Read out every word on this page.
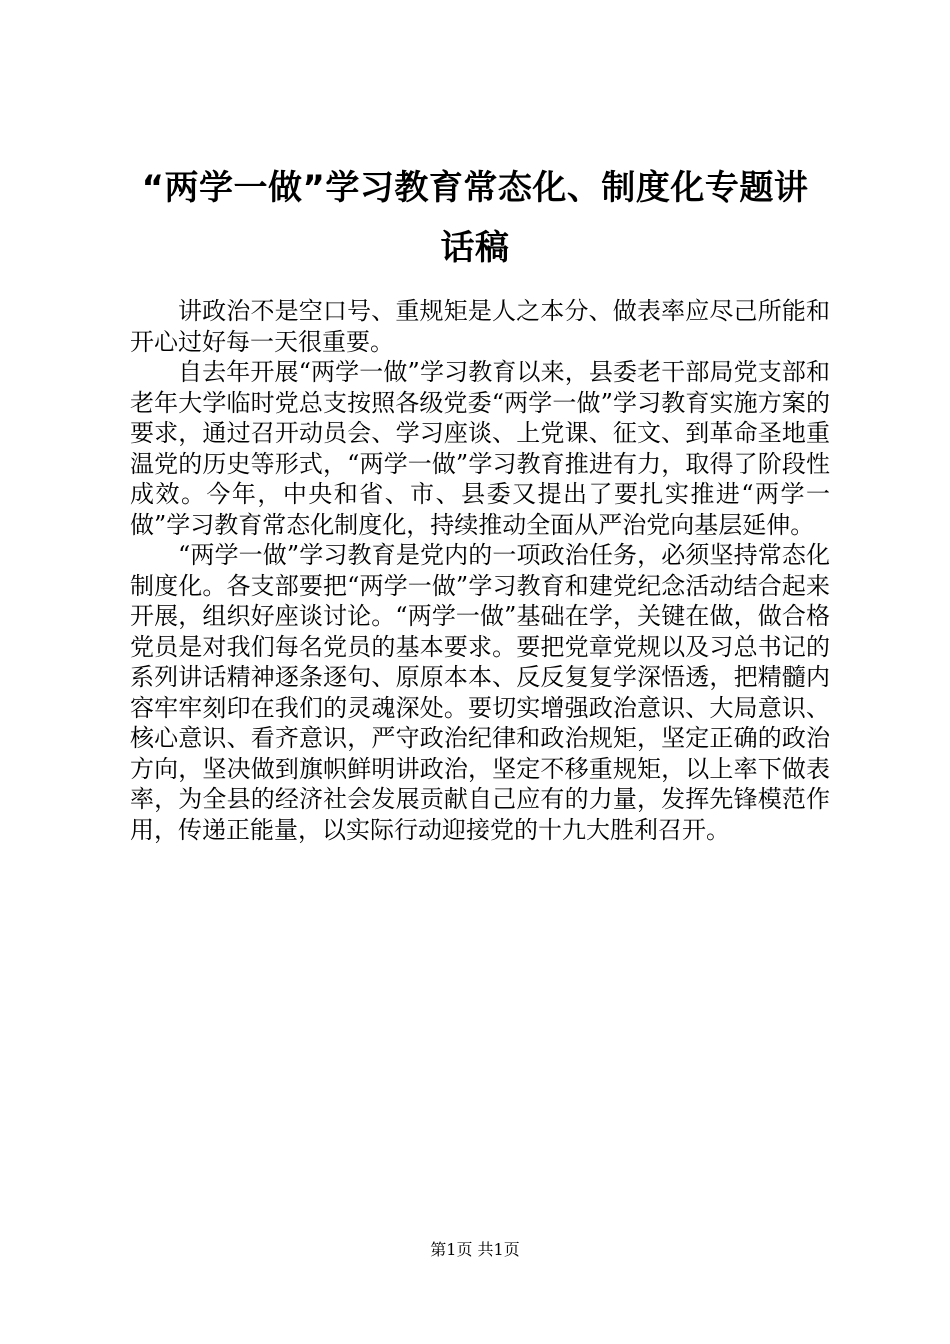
“两学一做”学习教育常态化、制度化专题讲
话稿

讲政治不是空口号、重规矩是人之本分、做表率应尽己所能和开心过好每一天很重要。

自去年开展“两学一做”学习教育以来，县委老干部局党支部和老年大学临时党总支按照各级党委“两学一做”学习教育实施方案的要求，通过召开动员会、学习座谈、上党课、征文、到革命圣地重温党的历史等形式，“两学一做”学习教育推进有力，取得了阶段性成效。今年，中央和省、市、县委又提出了要扎实推进“两学一做”学习教育常态化制度化，持续推动全面从严治党向基层延伸。

“两学一做”学习教育是党内的一项政治任务，必须坚持常态化制度化。各支部要把“两学一做”学习教育和建党纪念活动结合起来开展，组织好座谈讨论。“两学一做”基础在学，关键在做，做合格党员是对我们每名党员的基本要求。要把党章党规以及习总书记的系列讲话精神逐条逐句、原原本本、反反复复学深悟透，把精髓内容牢牢刻印在我们的灵魂深处。要切实增强政治意识、大局意识、核心意识、看齐意识，严守政治纪律和政治规矩，坚定正确的政治方向，坚决做到旗帜鲜明讲政治，坚定不移重规矩，以上率下做表率，为全县的经济社会发展贡献自己应有的力量，发挥先锋模范作用，传递正能量，以实际行动迎接党的十九大胜利召开。

第1页 共1页
